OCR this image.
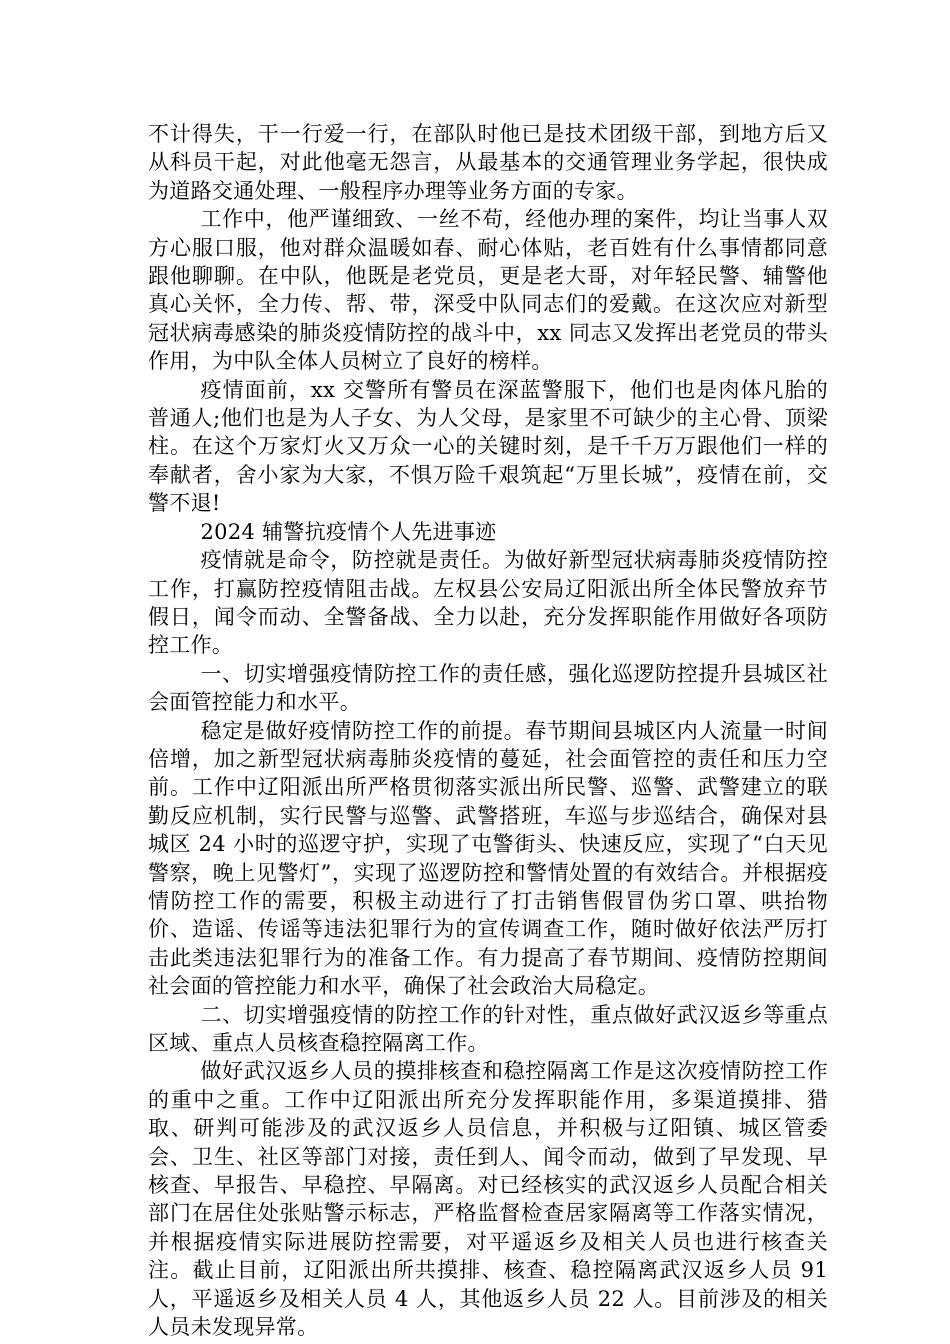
不计得失，干一行爱一行，在部队时他已是技术团级干部，到地方后又从科员干起，对此他毫无怨言，从最基本的交通管理业务学起，很快成为道路交通处理、一般程序办理等业务方面的专家。

工作中，他严谨细致、一丝不苟，经他办理的案件，均让当事人双方心服口服，他对群众温暖如春、耐心体贴，老百姓有什么事情都同意跟他聊聊。在中队，他既是老党员，更是老大哥，对年轻民警、辅警他真心关怀，全力传、帮、带，深受中队同志们的爱戴。在这次应对新型冠状病毒感染的肺炎疫情防控的战斗中，xx 同志又发挥出老党员的带头作用，为中队全体人员树立了良好的榜样。

疫情面前，xx 交警所有警员在深蓝警服下，他们也是肉体凡胎的普通人;他们也是为人子女、为人父母，是家里不可缺少的主心骨、顶梁柱。在这个万家灯火又万众一心的关键时刻，是千千万万跟他们一样的奉献者，舍小家为大家，不惧万险千艰筑起“万里长城”，疫情在前，交警不退!

2024 辅警抗疫情个人先进事迹

疫情就是命令，防控就是责任。为做好新型冠状病毒肺炎疫情防控工作，打赢防控疫情阻击战。左权县公安局辽阳派出所全体民警放弃节假日，闻令而动、全警备战、全力以赴，充分发挥职能作用做好各项防控工作。

一、切实增强疫情防控工作的责任感，强化巡逻防控提升县城区社会面管控能力和水平。

稳定是做好疫情防控工作的前提。春节期间县城区内人流量一时间倍增，加之新型冠状病毒肺炎疫情的蔓延，社会面管控的责任和压力空前。工作中辽阳派出所严格贯彻落实派出所民警、巡警、武警建立的联勤反应机制，实行民警与巡警、武警搭班，车巡与步巡结合，确保对县城区 24 小时的巡逻守护，实现了屯警街头、快速反应，实现了“白天见警察，晚上见警灯”，实现了巡逻防控和警情处置的有效结合。并根据疫情防控工作的需要，积极主动进行了打击销售假冒伪劣口罩、哄抬物价、造谣、传谣等违法犯罪行为的宣传调查工作，随时做好依法严厉打击此类违法犯罪行为的准备工作。有力提高了春节期间、疫情防控期间社会面的管控能力和水平，确保了社会政治大局稳定。

二、切实增强疫情的防控工作的针对性，重点做好武汉返乡等重点区域、重点人员核查稳控隔离工作。

做好武汉返乡人员的摸排核查和稳控隔离工作是这次疫情防控工作的重中之重。工作中辽阳派出所充分发挥职能作用，多渠道摸排、猎取、研判可能涉及的武汉返乡人员信息，并积极与辽阳镇、城区管委会、卫生、社区等部门对接，责任到人、闻令而动，做到了早发现、早核查、早报告、早稳控、早隔离。对已经核实的武汉返乡人员配合相关部门在居住处张贴警示标志，严格监督检查居家隔离等工作落实情况，并根据疫情实际进展防控需要，对平遥返乡及相关人员也进行核查关注。截止目前，辽阳派出所共摸排、核查、稳控隔离武汉返乡人员 91 人，平遥返乡及相关人员 4 人，其他返乡人员 22 人。目前涉及的相关人员未发现异常。
